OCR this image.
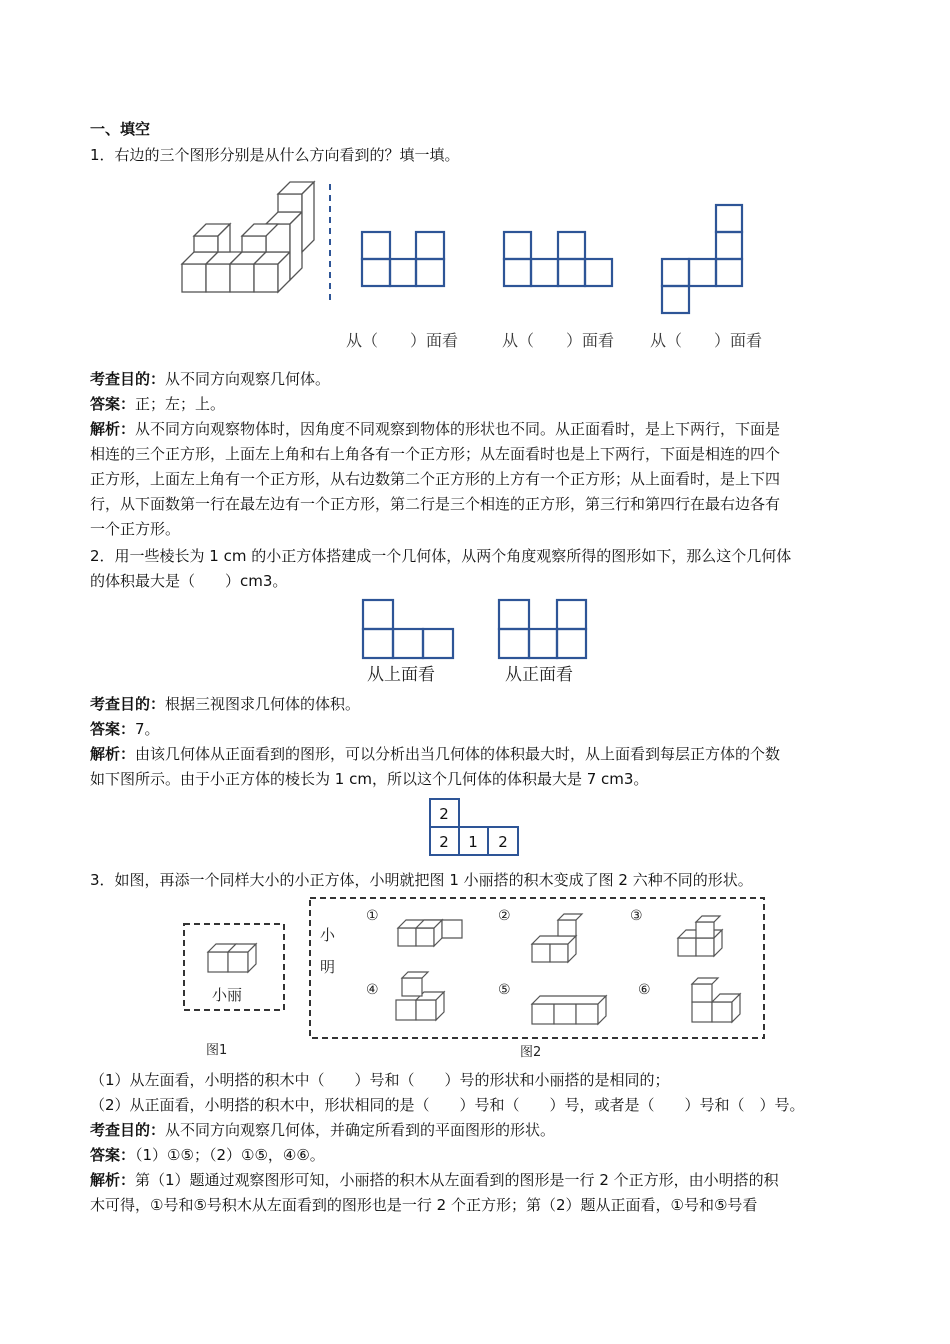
一、填空
1．右边的三个图形分别是从什么方向看到的？填一填。
从（　　）面看	从（　　）面看 从（　　）面看
考查目的：从不同方向观察几何体。
答案：正；左；上。
解析：从不同方向观察物体时，因角度不同观察到物体的形状也不同。从正面看时，是上下两行，下面是
相连的三个正方形，上面左上角和右上角各有一个正方形；从左面看时也是上下两行，下面是相连的四个
正方形，上面左上角有一个正方形，从右边数第二个正方形的上方有一个正方形；从上面看时，是上下四
行，从下面数第一行在最左边有一个正方形，第二行是三个相连的正方形，第三行和第四行在最右边各有
一个正方形。
2．用一些棱长为 1 cm 的小正方体搭建成一个几何体，从两个角度观察所得的图形如下，那么这个几何体
的体积最大是（　　）cm3。
从上面看	从正面看
考查目的：根据三视图求几何体的体积。
答案：7。
解析：由该几何体从正面看到的图形，可以分析出当几何体的体积最大时，从上面看到每层正方体的个数
如下图所示。由于小正方体的棱长为 1 cm，所以这个几何体的体积最大是 7 cm3。
2
2 1 2
3．如图，再添一个同样大小的小正方体，小明就把图 1 小丽搭的积木变成了图 2 六种不同的形状。
小丽
图1
小
明
①	②	③
④	⑤	⑥
图2
（1）从左面看，小明搭的积木中（　　）号和（　　）号的形状和小丽搭的是相同的；
（2）从正面看，小明搭的积木中，形状相同的是（　　）号和（　　）号，或者是（　　）号和（　）号。
考查目的：从不同方向观察几何体，并确定所看到的平面图形的形状。
答案：（1）①⑤；（2）①⑤，④⑥。
解析：第（1）题通过观察图形可知，小丽搭的积木从左面看到的图形是一行 2 个正方形，由小明搭的积
木可得，①号和⑤号积木从左面看到的图形也是一行 2 个正方形；第（2）题从正面看，①号和⑤号看
